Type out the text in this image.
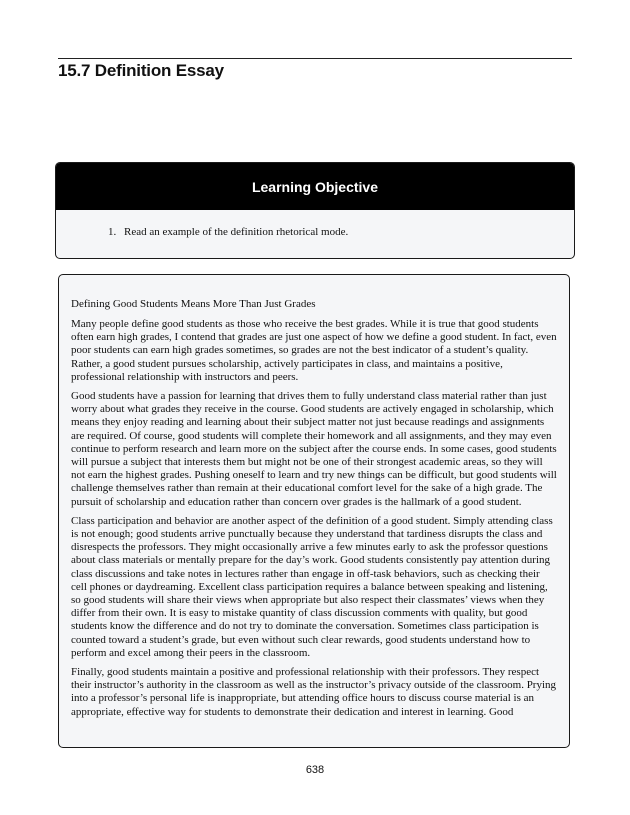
15.7 Definition Essay
Learning Objective
1. Read an example of the definition rhetorical mode.

Defining Good Students Means More Than Just Grades

Many people define good students as those who receive the best grades. While it is true that good students often earn high grades, I contend that grades are just one aspect of how we define a good student. In fact, even poor students can earn high grades sometimes, so grades are not the best indicator of a student’s quality. Rather, a good student pursues scholarship, actively participates in class, and maintains a positive, professional relationship with instructors and peers.

Good students have a passion for learning that drives them to fully understand class material rather than just worry about what grades they receive in the course. Good students are actively engaged in scholarship, which means they enjoy reading and learning about their subject matter not just because readings and assignments are required. Of course, good students will complete their homework and all assignments, and they may even continue to perform research and learn more on the subject after the course ends. In some cases, good students will pursue a subject that interests them but might not be one of their strongest academic areas, so they will not earn the highest grades. Pushing oneself to learn and try new things can be difficult, but good students will challenge themselves rather than remain at their educational comfort level for the sake of a high grade. The pursuit of scholarship and education rather than concern over grades is the hallmark of a good student.

Class participation and behavior are another aspect of the definition of a good student. Simply attending class is not enough; good students arrive punctually because they understand that tardiness disrupts the class and disrespects the professors. They might occasionally arrive a few minutes early to ask the professor questions about class materials or mentally prepare for the day’s work. Good students consistently pay attention during class discussions and take notes in lectures rather than engage in off-task behaviors, such as checking their cell phones or daydreaming. Excellent class participation requires a balance between speaking and listening, so good students will share their views when appropriate but also respect their classmates’ views when they differ from their own. It is easy to mistake quantity of class discussion comments with quality, but good students know the difference and do not try to dominate the conversation. Sometimes class participation is counted toward a student’s grade, but even without such clear rewards, good students understand how to perform and excel among their peers in the classroom.

Finally, good students maintain a positive and professional relationship with their professors. They respect their instructor’s authority in the classroom as well as the instructor’s privacy outside of the classroom. Prying into a professor’s personal life is inappropriate, but attending office hours to discuss course material is an appropriate, effective way for students to demonstrate their dedication and interest in learning. Good

638
